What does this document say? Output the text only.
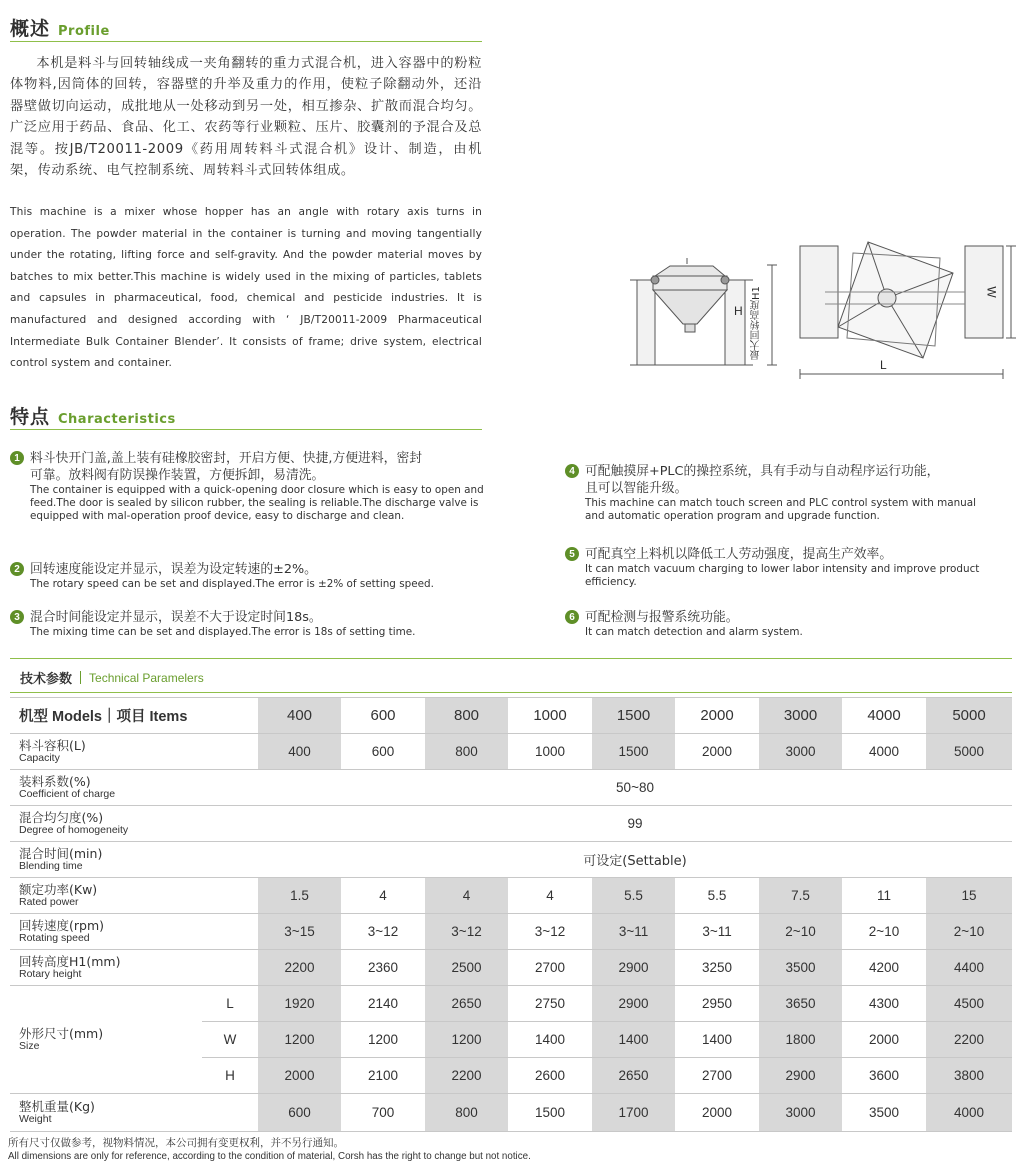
概述 Profile
本机是料斗与回转轴线成一夹角翻转的重力式混合机，进入容器中的粉粒体物料,因筒体的回转，容器壁的升举及重力的作用，使粒子除翻动外，还沿器壁做切向运动，成批地从一处移动到另一处，相互掺杂、扩散而混合均匀。广泛应用于药品、食品、化工、农药等行业颗粒、压片、胶囊剂的予混合及总混等。按JB/T20011-2009《药用周转料斗式混合机》设计、制造，由机架，传动系统、电气控制系统、周转料斗式回转体组成。
This machine is a mixer whose hopper has an angle with rotary axis turns in operation. The powder material in the container is turning and moving tangentially under the rotating, lifting force and self-gravity. And the powder material moves by batches to mix better.This machine is widely used in the mixing of particles, tablets and capsules in pharmaceutical, food, chemical and pesticide industries. It is manufactured and designed according with ‘ JB/T20011-2009 Pharmaceutical Intermediate Bulk Container Blender’. It consists of frame; drive system, electrical control system and container.
H 最大回转高度H1
L
W
特点 Characteristics
1 料斗快开门盖,盖上装有硅橡胶密封，开启方便、快捷,方便进料，密封
可靠。放料阀有防误操作装置，方便拆卸，易清洗。
The container is equipped with a quick-opening door closure which is easy to open and feed.The door is sealed by silicon rubber, the sealing is reliable.The discharge valve is equipped with mal-operation proof device, easy to discharge and clean.
2 回转速度能设定并显示，误差为设定转速的±2%。
The rotary speed can be set and displayed.The error is ±2% of setting speed.
3 混合时间能设定并显示，误差不大于设定时间18s。
The mixing time can be set and displayed.The error is 18s of setting time.
4 可配触摸屏+PLC的操控系统，具有手动与自动程序运行功能，
且可以智能升级。
This machine can match touch screen and PLC control system with manual and automatic operation program and upgrade function.
5 可配真空上料机以降低工人劳动强度，提高生产效率。
It can match vacuum charging to lower labor intensity and improve product efficiency.
6 可配检测与报警系统功能。
It can match detection and alarm system.
技术参数 Technical Paramelers
机型 Models｜项目 Items		400	600	800	1000	1500	2000	3000	4000	5000

料斗容积(L)
Capacity		400	600	800	1000	1500	2000	3000	4000	5000

装料系数(%)
Coefficient of charge		50~80								

混合均匀度(%)
Degree of homogeneity		99								

混合时间(min)
Blending time		可设定(Settable)								

额定功率(Kw)
Rated power		1.5	4	4	4	5.5	5.5	7.5	11	15

回转速度(rpm)
Rotating speed		3~15	3~12	3~12	3~12	3~11	3~11	2~10	2~10	2~10

回转高度H1(mm)
Rotary height		2200	2360	2500	2700	2900	3250	3500	4200	4400

外形尺寸(mm)
Size	L	1920	2140	2650	2750	2900	2950	3650	4300	4500
	W	1200	1200	1200	1400	1400	1400	1800	2000	2200
	H	2000	2100	2200	2600	2650	2700	2900	3600	3800

整机重量(Kg)
Weight		600	700	800	1500	1700	2000	3000	3500	4000
所有尺寸仅做参考，视物料情况，本公司拥有变更权利，并不另行通知。
All dimensions are only for reference, according to the condition of material, Corsh has the right to change but not notice.
